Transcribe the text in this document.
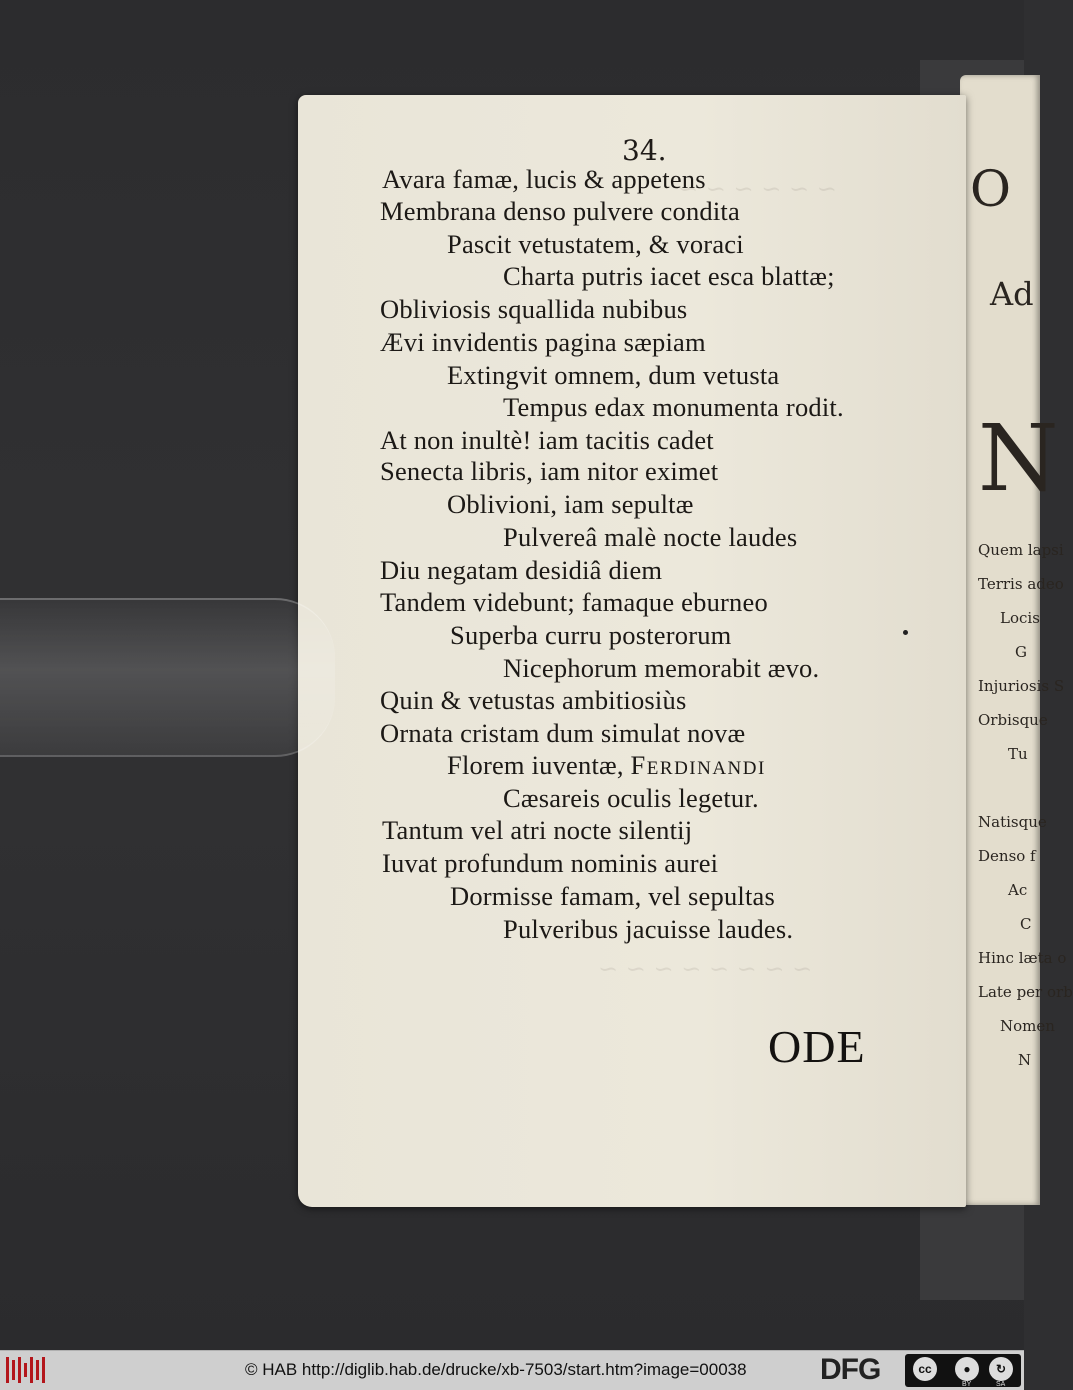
O
Ad
N
Quem lapsi
Terris adeo
Locis
G
Injuriosis S
Orbisque
Tu
Natisque
Denso f
Ac
C
Hinc læta o
Late per orb
Nomen
N
~ ~ ~ ~ ~ ~
~ ~ ~ ~ ~ ~ ~ ~
34.
Avara famæ, lucis & appetens
Membrana denso pulvere condita
Pascit vetustatem, & voraci
Charta putris iacet esca blattæ;
Obliviosis squallida nubibus
Ævi invidentis pagina sæpiam
Extingvit omnem, dum vetusta
Tempus edax monumenta rodit.
At non inultè! iam tacitis cadet
Senecta libris, iam nitor eximet
Oblivioni, iam sepultæ
Pulvereâ malè nocte laudes
Diu negatam desidiâ diem
Tandem videbunt; famaque eburneo
Superba curru posterorum
Nicephorum memorabit ævo.
Quin & vetustas ambitiosiùs
Ornata cristam dum simulat novæ
Florem iuventæ, Ferdinandi
Cæsareis oculis legetur.
Tantum vel atri nocte silentij
Iuvat profundum nominis aurei
Dormisse famam, vel sepultas
Pulveribus jacuisse laudes.
ODE
© HAB http://diglib.hab.de/drucke/xb-7503/start.htm?image=00038 DFG	cc	●	↻
BY	SA
